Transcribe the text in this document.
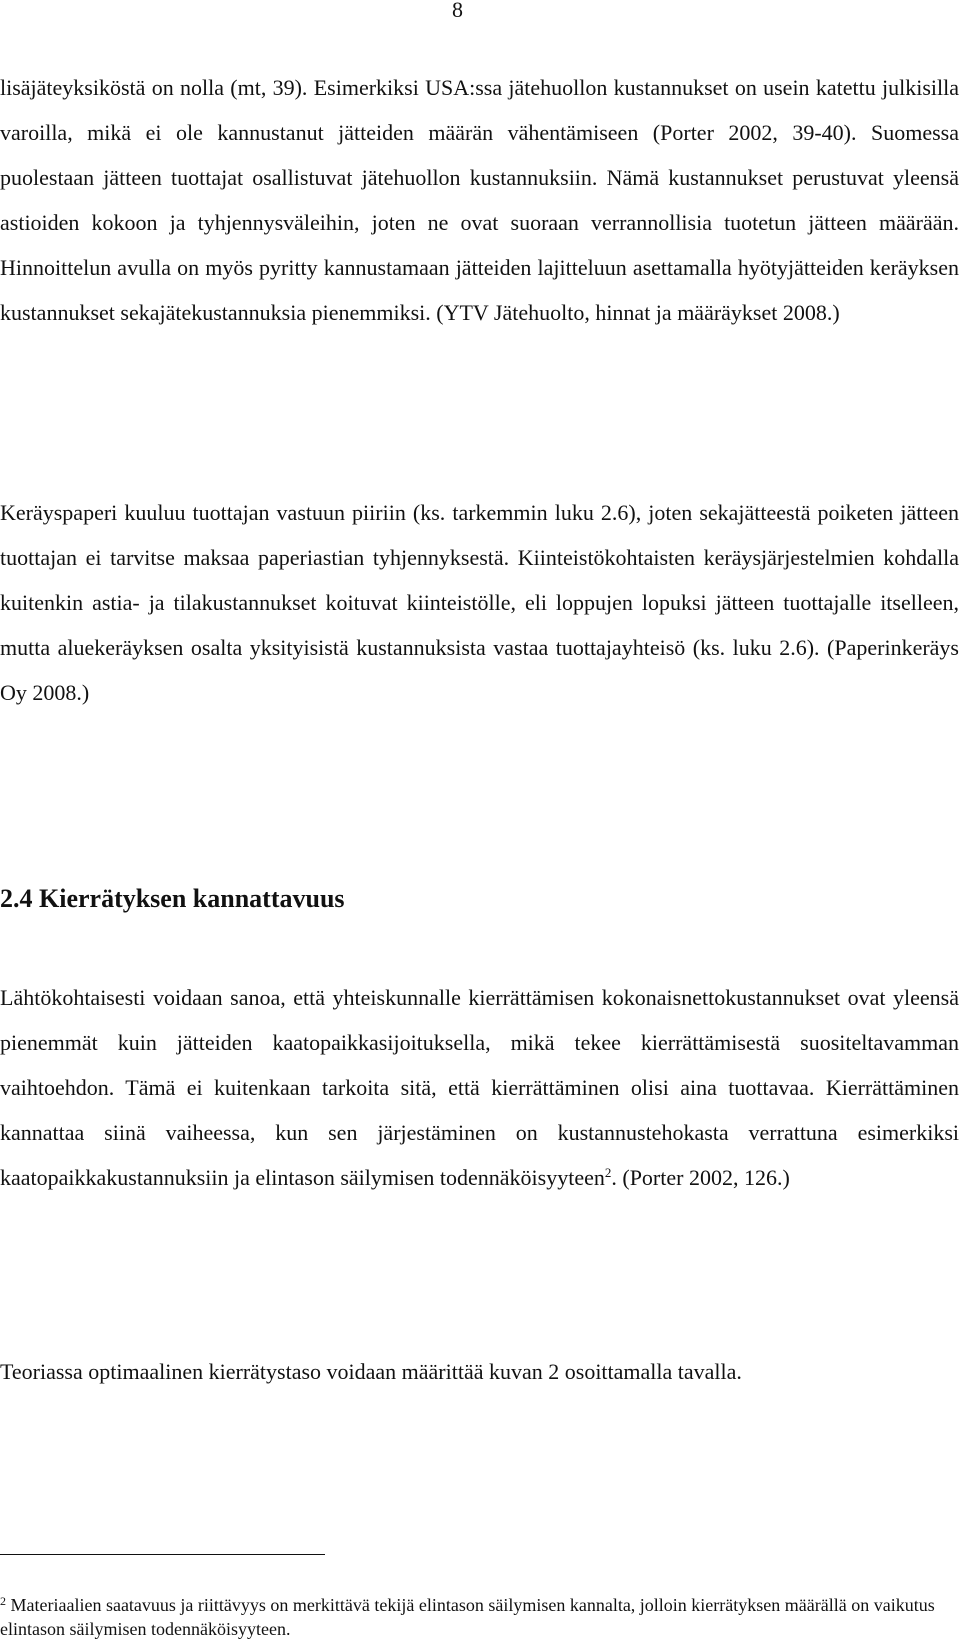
8

lisäjäteyksiköstä on nolla (mt, 39). Esimerkiksi USA:ssa jätehuollon kustannukset on usein katettu julkisilla varoilla, mikä ei ole kannustanut jätteiden määrän vähentämiseen (Porter 2002, 39-40). Suomessa puolestaan jätteen tuottajat osallistuvat jätehuollon kustannuksiin. Nämä kustannukset perustuvat yleensä astioiden kokoon ja tyhjennysväleihin, joten ne ovat suoraan verrannollisia tuotetun jätteen määrään. Hinnoittelun avulla on myös pyritty kannustamaan jätteiden lajitteluun asettamalla hyötyjätteiden keräyksen kustannukset sekajätekustannuksia pienemmiksi. (YTV Jätehuolto, hinnat ja määräykset 2008.)

Keräyspaperi kuuluu tuottajan vastuun piiriin (ks. tarkemmin luku 2.6), joten sekajätteestä poiketen jätteen tuottajan ei tarvitse maksaa paperiastian tyhjennyksestä. Kiinteistökohtaisten keräysjärjestelmien kohdalla kuitenkin astia- ja tilakustannukset koituvat kiinteistölle, eli loppujen lopuksi jätteen tuottajalle itselleen, mutta aluekeräyksen osalta yksityisistä kustannuksista vastaa tuottajayhteisö (ks. luku 2.6). (Paperinkeräys Oy 2008.)

2.4 Kierrätyksen kannattavuus

Lähtökohtaisesti voidaan sanoa, että yhteiskunnalle kierrättämisen kokonaisnettokustannukset ovat yleensä pienemmät kuin jätteiden kaatopaikkasijoituksella, mikä tekee kierrättämisestä suositeltavamman vaihtoehdon. Tämä ei kuitenkaan tarkoita sitä, että kierrättäminen olisi aina tuottavaa. Kierrättäminen kannattaa siinä vaiheessa, kun sen järjestäminen on kustannustehokasta verrattuna esimerkiksi kaatopaikkakustannuksiin ja elintason säilymisen todennäköisyyteen$^2$. (Porter 2002, 126.)

Teoriassa optimaalinen kierrätystaso voidaan määrittää kuvan 2 osoittamalla tavalla.

$^2$ Materiaalien saatavuus ja riittävyys on merkittävä tekijä elintason säilymisen kannalta, jolloin kierrätyksen määrällä on vaikutus elintason säilymisen todennäköisyyteen.
